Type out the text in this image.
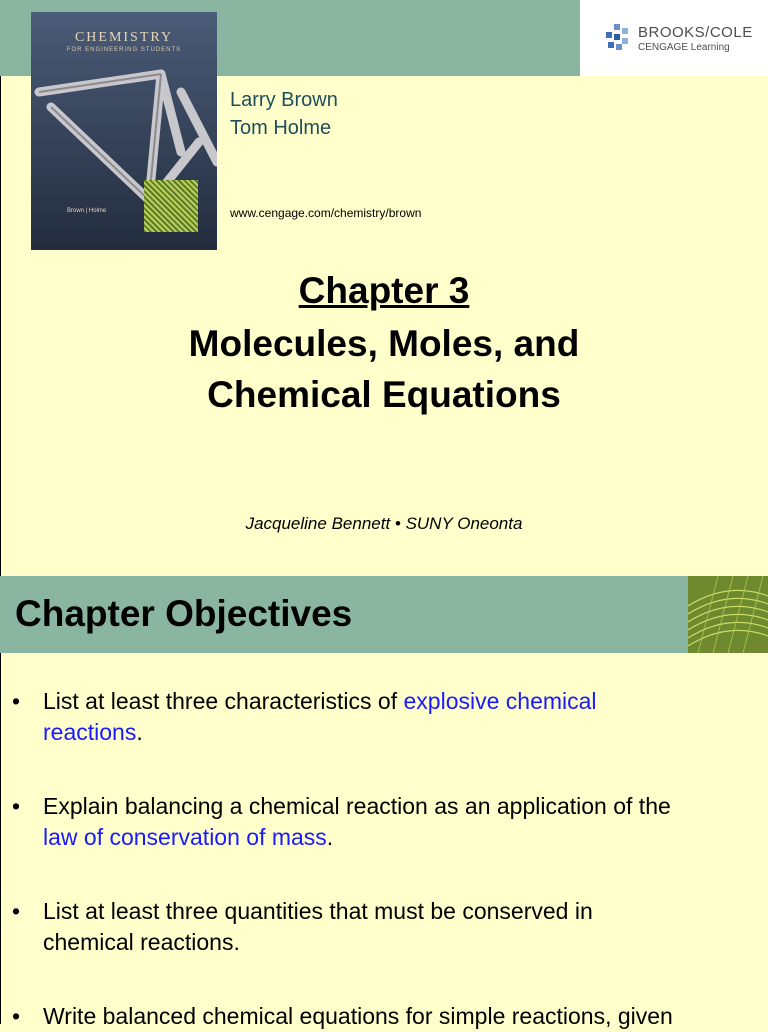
BROOKS/COLE
CENGAGE Learning
CHEMISTRY
FOR ENGINEERING STUDENTS
Brown | Holme
Larry Brown
Tom Holme
www.cengage.com/chemistry/brown
Chapter 3
Molecules, Moles, and
Chemical Equations
Jacqueline Bennett • SUNY Oneonta
Chapter Objectives
• List at least three characteristics of explosive chemical
reactions.
• Explain balancing a chemical reaction as an application of the
law of conservation of mass.
• List at least three quantities that must be conserved in
chemical reactions.
• Write balanced chemical equations for simple reactions, given
